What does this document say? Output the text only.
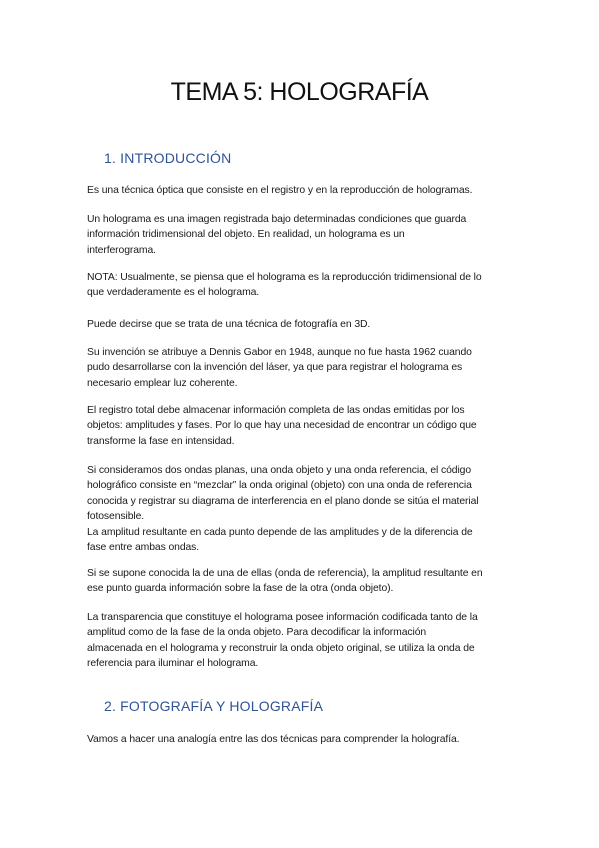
TEMA 5: HOLOGRAFÍA
1. INTRODUCCIÓN

Es una técnica óptica que consiste en el registro y en la reproducción de hologramas.

Un holograma es una imagen registrada bajo determinadas condiciones que guarda
información tridimensional del objeto. En realidad, un holograma es un
interferograma.

NOTA: Usualmente, se piensa que el holograma es la reproducción tridimensional de lo
que verdaderamente es el holograma.

Puede decirse que se trata de una técnica de fotografía en 3D.

Su invención se atribuye a Dennis Gabor en 1948, aunque no fue hasta 1962 cuando
pudo desarrollarse con la invención del láser, ya que para registrar el holograma es
necesario emplear luz coherente.

El registro total debe almacenar información completa de las ondas emitidas por los
objetos: amplitudes y fases. Por lo que hay una necesidad de encontrar un código que
transforme la fase en intensidad.

Si consideramos dos ondas planas, una onda objeto y una onda referencia, el código
holográfico consiste en “mezclar” la onda original (objeto) con una onda de referencia
conocida y registrar su diagrama de interferencia en el plano donde se sitúa el material
fotosensible.
La amplitud resultante en cada punto depende de las amplitudes y de la diferencia de
fase entre ambas ondas.

Si se supone conocida la de una de ellas (onda de referencia), la amplitud resultante en
ese punto guarda información sobre la fase de la otra (onda objeto).

La transparencia que constituye el holograma posee información codificada tanto de la
amplitud como de la fase de la onda objeto. Para decodificar la información
almacenada en el holograma y reconstruir la onda objeto original, se utiliza la onda de
referencia para iluminar el holograma.

2. FOTOGRAFÍA Y HOLOGRAFÍA

Vamos a hacer una analogía entre las dos técnicas para comprender la holografía.
